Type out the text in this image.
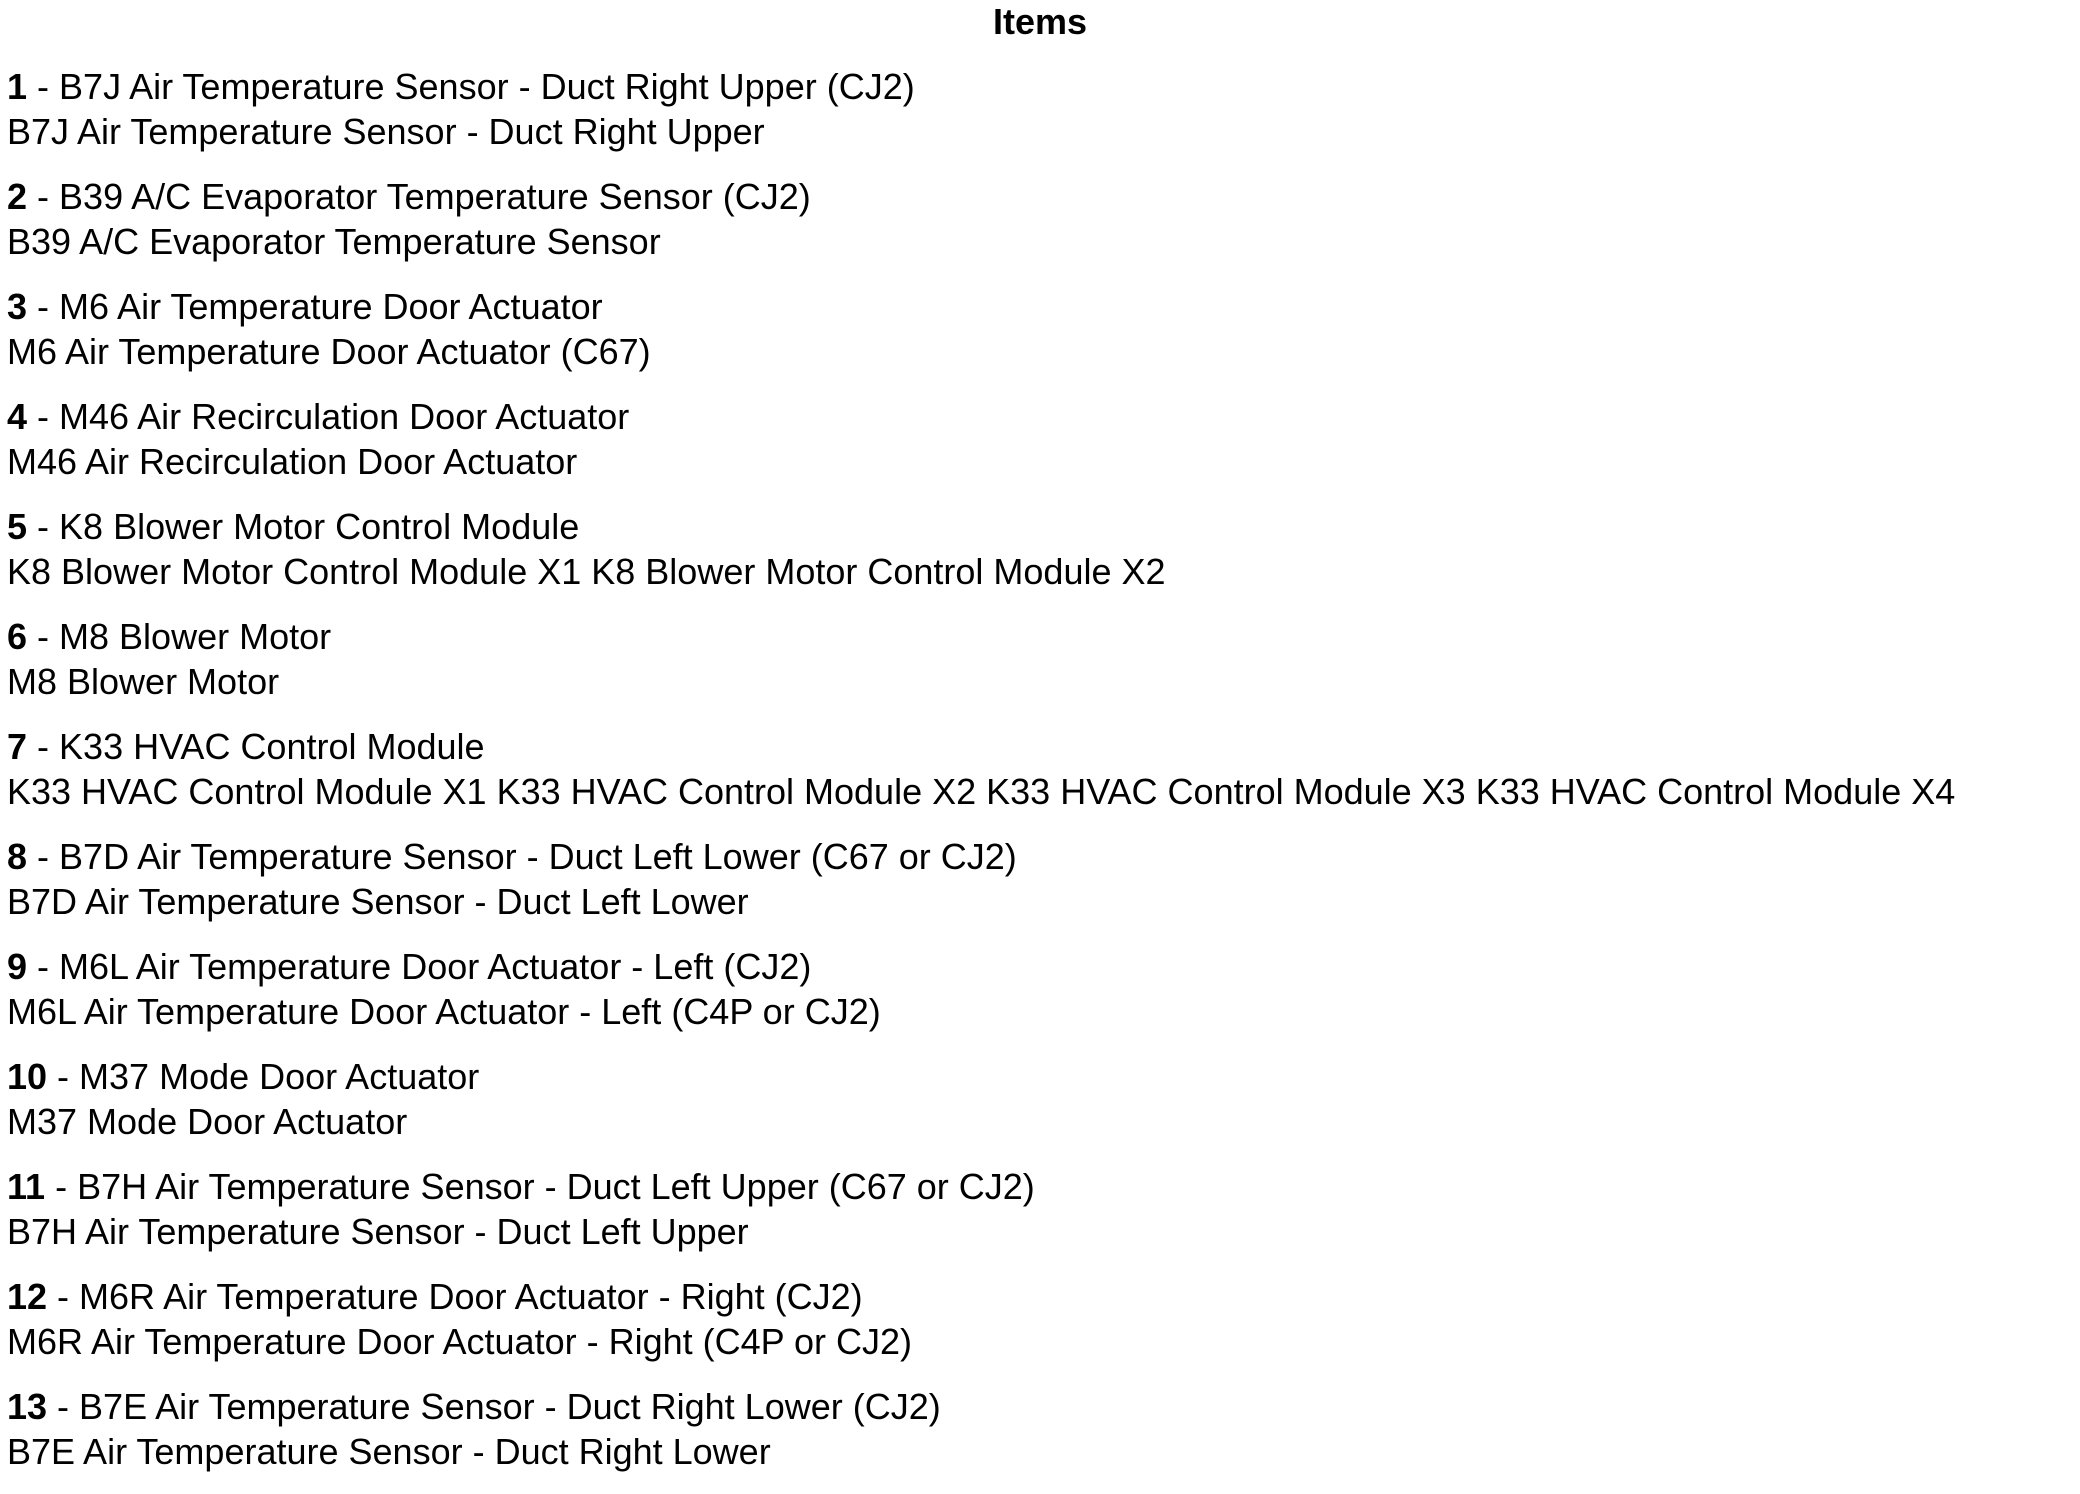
Items
1 - B7J Air Temperature Sensor - Duct Right Upper (CJ2)
B7J Air Temperature Sensor - Duct Right Upper
2 - B39 A/C Evaporator Temperature Sensor (CJ2)
B39 A/C Evaporator Temperature Sensor
3 - M6 Air Temperature Door Actuator
M6 Air Temperature Door Actuator (C67)
4 - M46 Air Recirculation Door Actuator
M46 Air Recirculation Door Actuator
5 - K8 Blower Motor Control Module
K8 Blower Motor Control Module X1 K8 Blower Motor Control Module X2
6 - M8 Blower Motor
M8 Blower Motor
7 - K33 HVAC Control Module
K33 HVAC Control Module X1 K33 HVAC Control Module X2 K33 HVAC Control Module X3 K33 HVAC Control Module X4
8 - B7D Air Temperature Sensor - Duct Left Lower (C67 or CJ2)
B7D Air Temperature Sensor - Duct Left Lower
9 - M6L Air Temperature Door Actuator - Left (CJ2)
M6L Air Temperature Door Actuator - Left (C4P or CJ2)
10 - M37 Mode Door Actuator
M37 Mode Door Actuator
11 - B7H Air Temperature Sensor - Duct Left Upper (C67 or CJ2)
B7H Air Temperature Sensor - Duct Left Upper
12 - M6R Air Temperature Door Actuator - Right (CJ2)
M6R Air Temperature Door Actuator - Right (C4P or CJ2)
13 - B7E Air Temperature Sensor - Duct Right Lower (CJ2)
B7E Air Temperature Sensor - Duct Right Lower
